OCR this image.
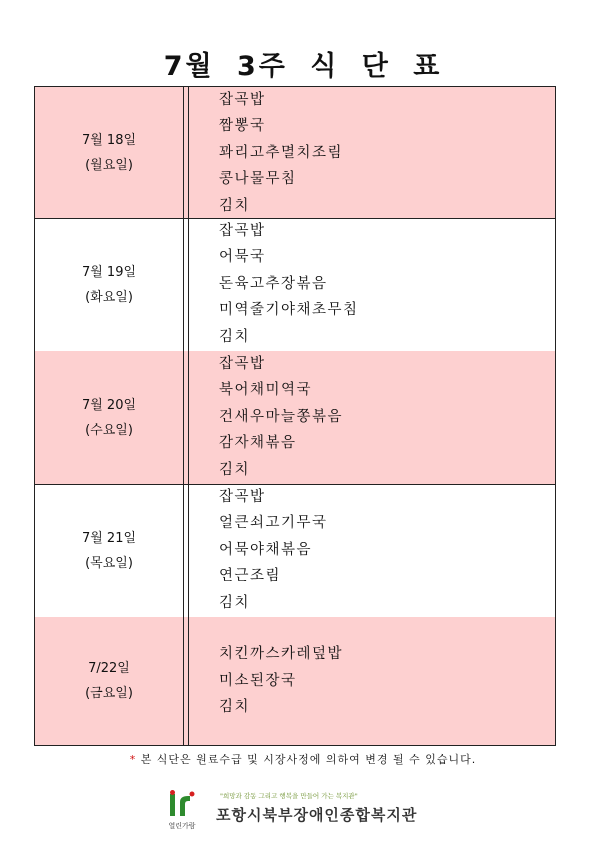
7월 3주 식 단 표
7월 18일
(월요일)
잡곡밥
짬뽕국
꽈리고추멸치조림
콩나물무침
김치
7월 19일
(화요일)
잡곡밥
어묵국
돈육고추장볶음
미역줄기야채초무침
김치
7월 20일
(수요일)
잡곡밥
북어채미역국
건새우마늘쫑볶음
감자채볶음
김치
7월 21일
(목요일)
잡곡밥
얼큰쇠고기무국
어묵야채볶음
연근조림
김치
7/22일
(금요일)
치킨까스카레덮밥
미소된장국
김치

* 본 식단은 원료수급 및 시장사정에 의하여 변경 될 수 있습니다.

열린가람
"희망과 감동 그리고 행복을 만들어 가는 복지관"
포항시북부장애인종합복지관
